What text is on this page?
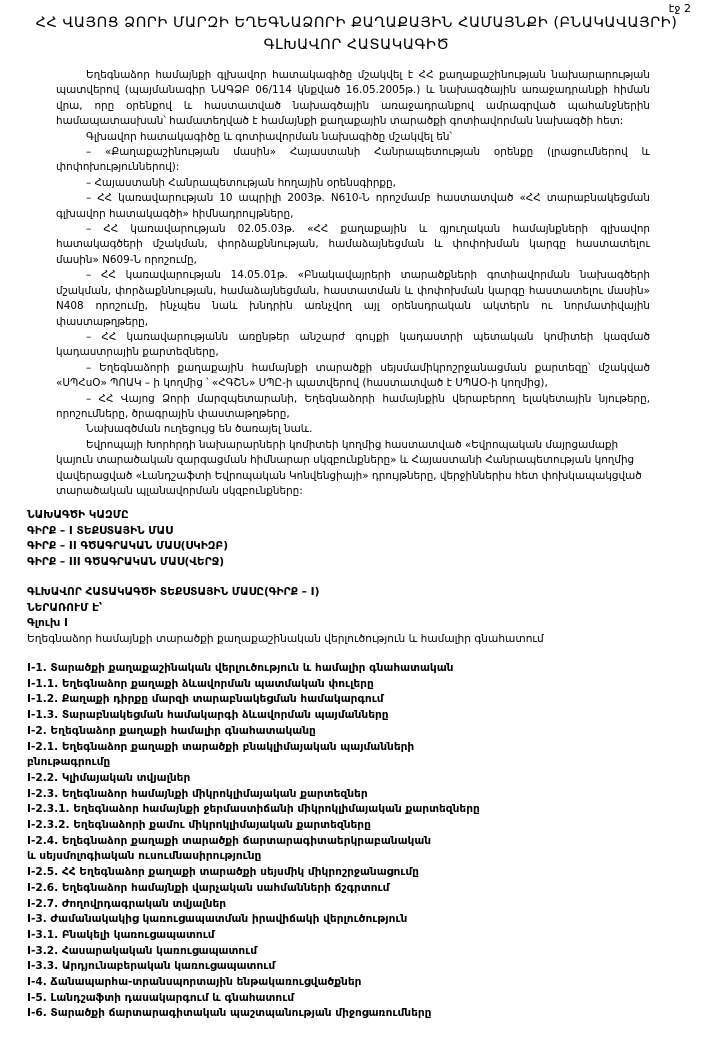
էջ 2
ՀՀ ՎԱՅՈՑ ՁՈՐԻ ՄԱՐԶԻ ԵՂԵԳՆԱՁՈՐԻ ՔԱՂԱՔԱՅԻՆ ՀԱՄԱՅՆՔԻ (ԲՆԱԿԱՎԱՅՐԻ)
ԳԼԽԱՎՈՐ ՀԱՏԱԿԱԳԻԾ

Եղեգնաձոր համայնքի գլխավոր հատակագիծը մշակվել է ՀՀ քաղաքաշինության նախարարության պատվերով (պայմանագիր ՆԱԳՁԲ 06/114 կնքված 16.05.2005թ.) և նախագծային առաջադրանքի հիման վրա, որը օրենքով և հաստատված նախագծային առաջադրանքով ամրագրված պահանջներին համապատասխան՝ համատեղված է համայնքի քաղաքային տարածքի գոտիավորման նախագծի հետ:

Գլխավոր հատակագիծը և գոտիավորման նախագիծը մշակվել են՝

– «Քաղաքաշինության մասին» Հայաստանի Հանրապետության օրենքը (լրացումներով և փոփոխություններով):

– Հայաստանի Հանրապետության հողային օրենսգիրքը,

– ՀՀ կառավարության 10 ապրիլի 2003թ. N610-Ն որոշմամբ հաստատված «ՀՀ տարաբնակեցման գլխավոր հատակագծի» հիմնադրույթները,

– ՀՀ կառավարության 02.05.03թ. «ՀՀ քաղաքային և գյուղական համայնքների գլխավոր հատակագծերի մշակման, փորձաքննության, համաձայնեցման և փոփոխման կարգը հաստատելու մասին» N609-Ն որոշումը,

– ՀՀ կառավարության 14.05.01թ. «Բնակավայրերի տարածքների գոտիավորման նախագծերի մշակման, փորձաքննության, համաձայնեցման, հաստատման և փոփոխման կարգը հաստատելու մասին» N408 որոշումը, ինչպես նաև խնդրին առնչվող այլ օրենսդրական ակտերն ու նորմատիվային փաստաթղթերը,

– ՀՀ կառավարությանն առընթեր անշարժ գույքի կադաստրի պետական կոմիտեի կազմած կադաստրային քարտեզները,

– Եղեգնաձորի քաղաքային համայնքի տարածքի սեյսմամիկրոշրջանացման քարտեզը՝ մշակված «ՍՊՀսՕ» ՊՈԱԿ – ի կողմից ՝ «ՀԳՇՆ» ՍՊԸ-ի պատվերով (հաստատված է ՍՊԱՕ-ի կողմից),

– ՀՀ Վայոց Ձորի մարզպետարանի, Եղեգնաձորի համայնքին վերաբերող ելակետային նյութերը, որոշումները, ծրագրային փաստաթղթերը,

Նախագծման ուղեցույց են ծառայել նաև.

Եվրոպայի Խորհրդի նախարարների կոմիտեի կողմից հաստատված «Եվրոպական մայրցամաքի կայուն տարածական զարգացման հիմնարար սկզբունքները» և Հայաստանի Հանրապետության կողմից վավերացված «Լանդշաֆտի Եվրոպական Կոնվենցիայի» դրույթները, վերջիններիս հետ փոխկապակցված տարածական պլանավորման սկզբունքները:

ՆԱԽԱԳԾԻ ԿԱԶՄԸ
ԳԻՐՔ – I ՏԵՔՍՏԱՅԻՆ ՄԱՍ
ԳԻՐՔ – II ԳԾԱԳՐԱԿԱՆ ՄԱՍ(ՍԿԻԶԲ)
ԳԻՐՔ – III ԳԾԱԳՐԱԿԱՆ ՄԱՍ(ՎԵՐՋ)
ԳԼԽԱՎՈՐ ՀԱՏԱԿԱԳԾԻ ՏԵՔՍՏԱՅԻՆ ՄԱՍԸ(ԳԻՐՔ – I)
ՆԵՐԱՌՈՒՄ Է՝
Գլուխ I
Եղեգնաձոր համայնքի տարածքի քաղաքաշինական վերլուծություն և համալիր գնահատում
I-1. Տարածքի քաղաքաշինական վերլուծություն և համալիր գնահատական
I-1.1. Եղեգնաձոր քաղաքի ձևավորման պատմական փուլերը
I-1.2. Քաղաքի դիրքը մարզի տարաբնակեցման համակարգում
I-1.3. Տարաբնակեցման համակարգի ձևավորման պայմանները
I-2. Եղեգնաձոր քաղաքի համալիր գնահատականը
I-2.1. Եղեգնաձոր քաղաքի տարածքի բնակլիմայական պայմանների
բնութագրումը
I-2.2. Կլիմայական տվյալներ
I-2.3. Եղեգնաձոր համայնքի միկրոկլիմայական քարտեզներ
I-2.3.1. Եղեգնաձոր համայնքի ջերմաստիճանի միկրոկլիմայական քարտեզները
I-2.3.2. Եղեգնաձորի քամու միկրոկլիմայական քարտեզները
I-2.4. Եղեգնաձոր քաղաքի տարածքի ճարտարագիտաերկրաբանական
և սեյսմոլոգիական ուսումնասիրությունը
I-2.5. ՀՀ Եղեգնաձոր քաղաքի տարածքի սեյսմիկ միկրոշրջանացումը
I-2.6. Եղեգնաձոր համայնքի վարչական սահմանների ճշգրտում
I-2.7. Ժողովրդագրական տվյալներ
I-3. Ժամանակակից կառուցապատման իրավիճակի վերլուծություն
I-3.1. Բնակելի կառուցապատում
I-3.2. Հասարակական կառուցապատում
I-3.3. Արդյունաբերական կառուցապատում
I-4. Ճանապարհա-տրանսպորտային ենթակառուցվածքներ
I-5. Լանդշաֆտի դասակարգում և գնահատում
I-6. Տարածքի ճարտարագիտական պաշտպանության միջոցառումները
